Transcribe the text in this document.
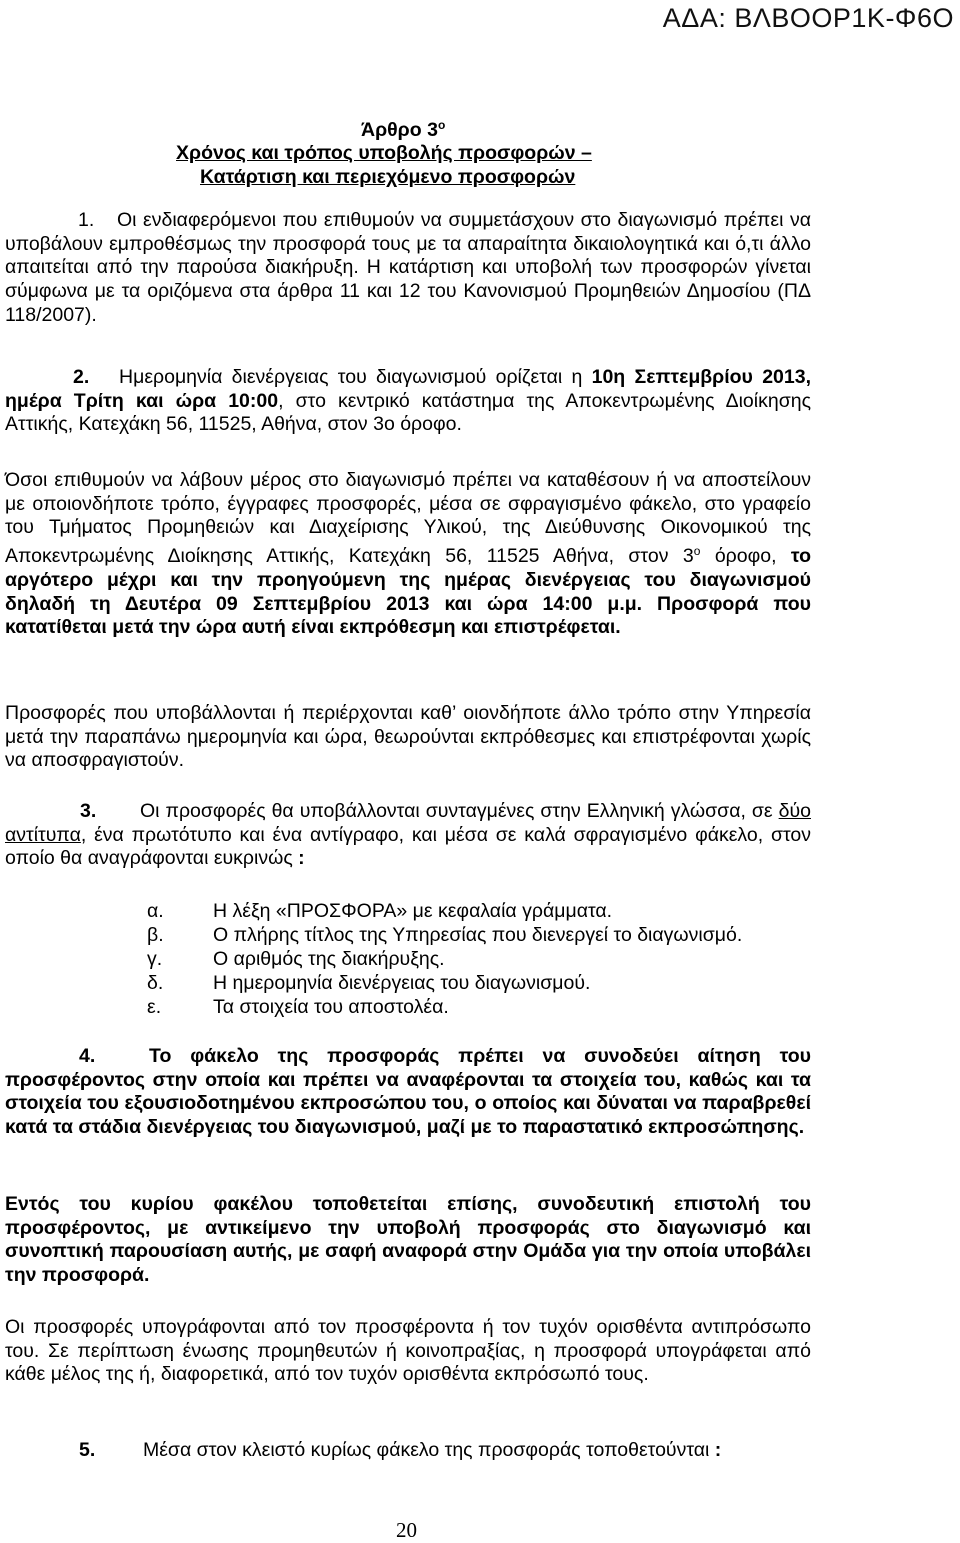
ΑΔΑ: ΒΛΒΟΟΡ1Κ-Φ6Ο
Άρθρο $3^o$
Χρόνος και τρόπος υποβολής προσφορών –
Κατάρτιση και περιεχόμενο προσφορών
1. Οι ενδιαφερόμενοι που επιθυμούν να συμμετάσχουν στο διαγωνισμό πρέπει να υποβάλουν εμπροθέσμως την προσφορά τους με τα απαραίτητα δικαιολογητικά και ό,τι άλλο απαιτείται από την παρούσα διακήρυξη. Η κατάρτιση και υποβολή των προσφορών γίνεται σύμφωνα με τα οριζόμενα στα άρθρα 11 και 12 του Κανονισμού Προμηθειών Δημοσίου (ΠΔ 118/2007).
2. Ημερομηνία διενέργειας του διαγωνισμού ορίζεται η 10η Σεπτεμβρίου 2013, ημέρα Τρίτη και ώρα 10:00, στο κεντρικό κατάστημα της Αποκεντρωμένης Διοίκησης Αττικής, Κατεχάκη 56, 11525, Αθήνα, στον 3ο όροφο.
Όσοι επιθυμούν να λάβουν μέρος στο διαγωνισμό πρέπει να καταθέσουν ή να αποστείλουν με οποιονδήποτε τρόπο, έγγραφες προσφορές, μέσα σε σφραγισμένο φάκελο, στο γραφείο του Τμήματος Προμηθειών και Διαχείρισης Υλικού, της Διεύθυνσης Οικονομικού της Αποκεντρωμένης Διοίκησης Αττικής, Κατεχάκη 56, 11525 Αθήνα, στον $3^o$ όροφο, το αργότερο μέχρι και την προηγούμενη της ημέρας διενέργειας του διαγωνισμού δηλαδή τη Δευτέρα 09 Σεπτεμβρίου 2013 και ώρα 14:00 μ.μ. Προσφορά που κατατίθεται μετά την ώρα αυτή είναι εκπρόθεσμη και επιστρέφεται.
Προσφορές που υποβάλλονται ή περιέρχονται καθ’ οιονδήποτε άλλο τρόπο στην Υπηρεσία μετά την παραπάνω ημερομηνία και ώρα, θεωρούνται εκπρόθεσμες και επιστρέφονται χωρίς να αποσφραγιστούν.
3. Οι προσφορές θα υποβάλλονται συνταγμένες στην Ελληνική γλώσσα, σε δύο αντίτυπα, ένα πρωτότυπο και ένα αντίγραφο, και μέσα σε καλά σφραγισμένο φάκελο, στον οποίο θα αναγράφονται ευκρινώς :
α.	Η λέξη «ΠΡΟΣΦΟΡΑ» με κεφαλαία γράμματα.
β.	Ο πλήρης τίτλος της Υπηρεσίας που διενεργεί το διαγωνισμό.
γ.	Ο αριθμός της διακήρυξης.
δ.	Η ημερομηνία διενέργειας του διαγωνισμού.
ε.	Τα στοιχεία του αποστολέα.
4.	Το φάκελο της προσφοράς πρέπει να συνοδεύει αίτηση του προσφέροντος στην οποία και πρέπει να αναφέρονται τα στοιχεία του, καθώς και τα στοιχεία του εξουσιοδοτημένου εκπροσώπου του, ο οποίος και δύναται να παραβρεθεί κατά τα στάδια διενέργειας του διαγωνισμού, μαζί με το παραστατικό εκπροσώπησης.
Εντός του κυρίου φακέλου τοποθετείται επίσης, συνοδευτική επιστολή του προσφέροντος, με αντικείμενο την υποβολή προσφοράς στο διαγωνισμό και συνοπτική παρουσίαση αυτής, με σαφή αναφορά στην Ομάδα για την οποία υποβάλει την προσφορά.
Οι προσφορές υπογράφονται από τον προσφέροντα ή τον τυχόν ορισθέντα αντιπρόσωπο του. Σε περίπτωση ένωσης προμηθευτών ή κοινοπραξίας, η προσφορά υπογράφεται από κάθε μέλος της ή, διαφορετικά, από τον τυχόν ορισθέντα εκπρόσωπό τους.
5. Μέσα στον κλειστό κυρίως φάκελο της προσφοράς τοποθετούνται :
20
